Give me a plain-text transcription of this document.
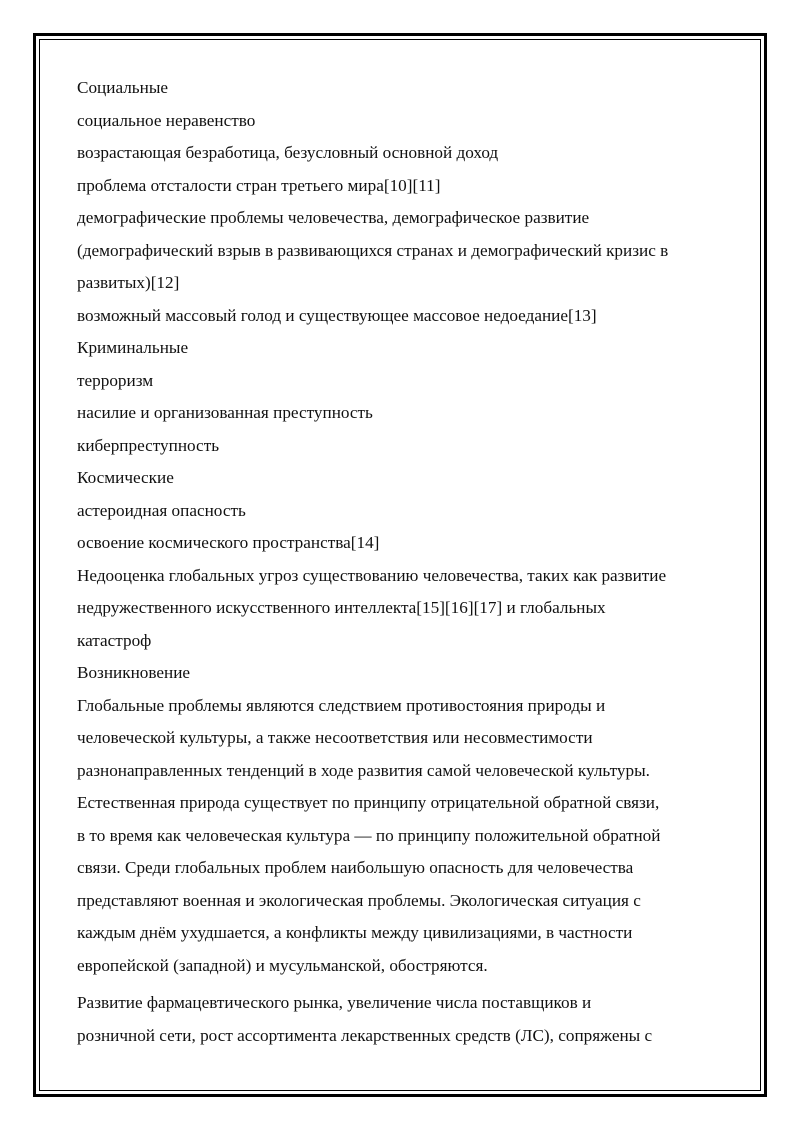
Социальные

социальное неравенство

возрастающая безработица, безусловный основной доход

проблема отсталости стран третьего мира[10][11]

демографические проблемы человечества, демографическое развитие

(демографический взрыв в развивающихся странах и демографический кризис в

развитых)[12]

возможный массовый голод и существующее массовое недоедание[13]

Криминальные

терроризм

насилие и организованная преступность

киберпреступность

Космические

астероидная опасность

освоение космического пространства[14]

Недооценка глобальных угроз существованию человечества, таких как развитие

недружественного искусственного интеллекта[15][16][17] и глобальных

катастроф

Возникновение

Глобальные проблемы являются следствием противостояния природы и

человеческой культуры, а также несоответствия или несовместимости

разнонаправленных тенденций в ходе развития самой человеческой культуры.

Естественная природа существует по принципу отрицательной обратной связи,

в то время как человеческая культура — по принципу положительной обратной

связи. Среди глобальных проблем наибольшую опасность для человечества

представляют военная и экологическая проблемы. Экологическая ситуация с

каждым днём ухудшается, а конфликты между цивилизациями, в частности

европейской (западной) и мусульманской, обостряются.

Развитие фармацевтического рынка, увеличение числа поставщиков и

розничной сети, рост ассортимента лекарственных средств (ЛС), сопряжены с
